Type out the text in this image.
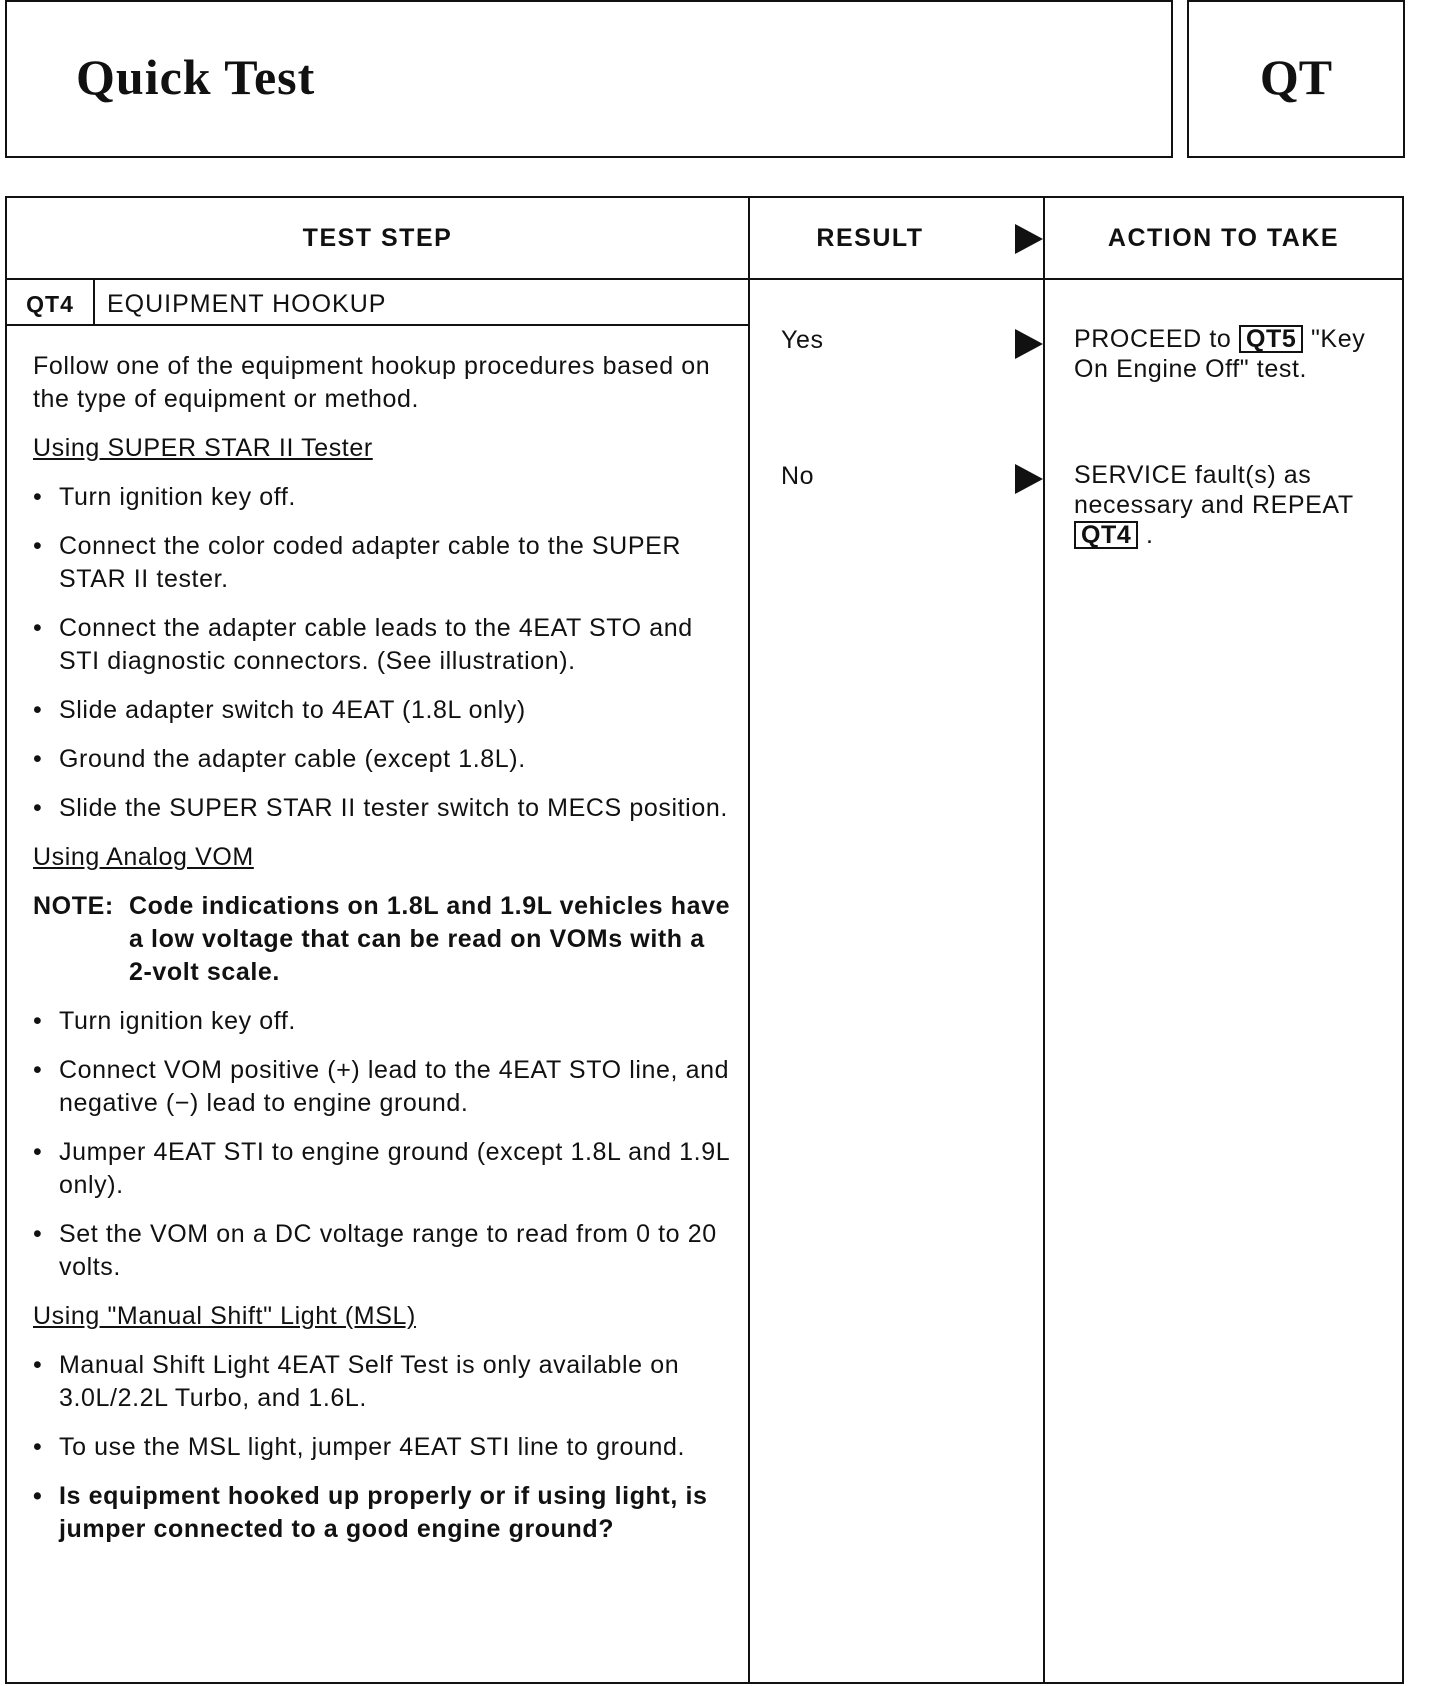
Quick Test	QT
TEST STEP	RESULT	ACTION TO TAKE
QT4	EQUIPMENT HOOKUP

Follow one of the equipment hookup procedures based on the type of equipment or method.

Using SUPER STAR II Tester

• Turn ignition key off.

• Connect the color coded adapter cable to the SUPER STAR II tester.

• Connect the adapter cable leads to the 4EAT STO and STI diagnostic connectors. (See illustration).

• Slide adapter switch to 4EAT (1.8L only)

• Ground the adapter cable (except 1.8L).

• Slide the SUPER STAR II tester switch to MECS position.

Using Analog VOM

NOTE: Code indications on 1.8L and 1.9L vehicles have a low voltage that can be read on VOMs with a 2-volt scale.

• Turn ignition key off.

• Connect VOM positive (+) lead to the 4EAT STO line, and negative (−) lead to engine ground.

• Jumper 4EAT STI to engine ground (except 1.8L and 1.9L only).

• Set the VOM on a DC voltage range to read from 0 to 20 volts.

Using "Manual Shift" Light (MSL)

• Manual Shift Light 4EAT Self Test is only available on 3.0L/2.2L Turbo, and 1.6L.

• To use the MSL light, jumper 4EAT STI line to ground.

• Is equipment hooked up properly or if using light, is jumper connected to a good engine ground?

Yes	PROCEED to QT5 "Key On Engine Off" test.
No	SERVICE fault(s) as necessary and REPEAT QT4 .
